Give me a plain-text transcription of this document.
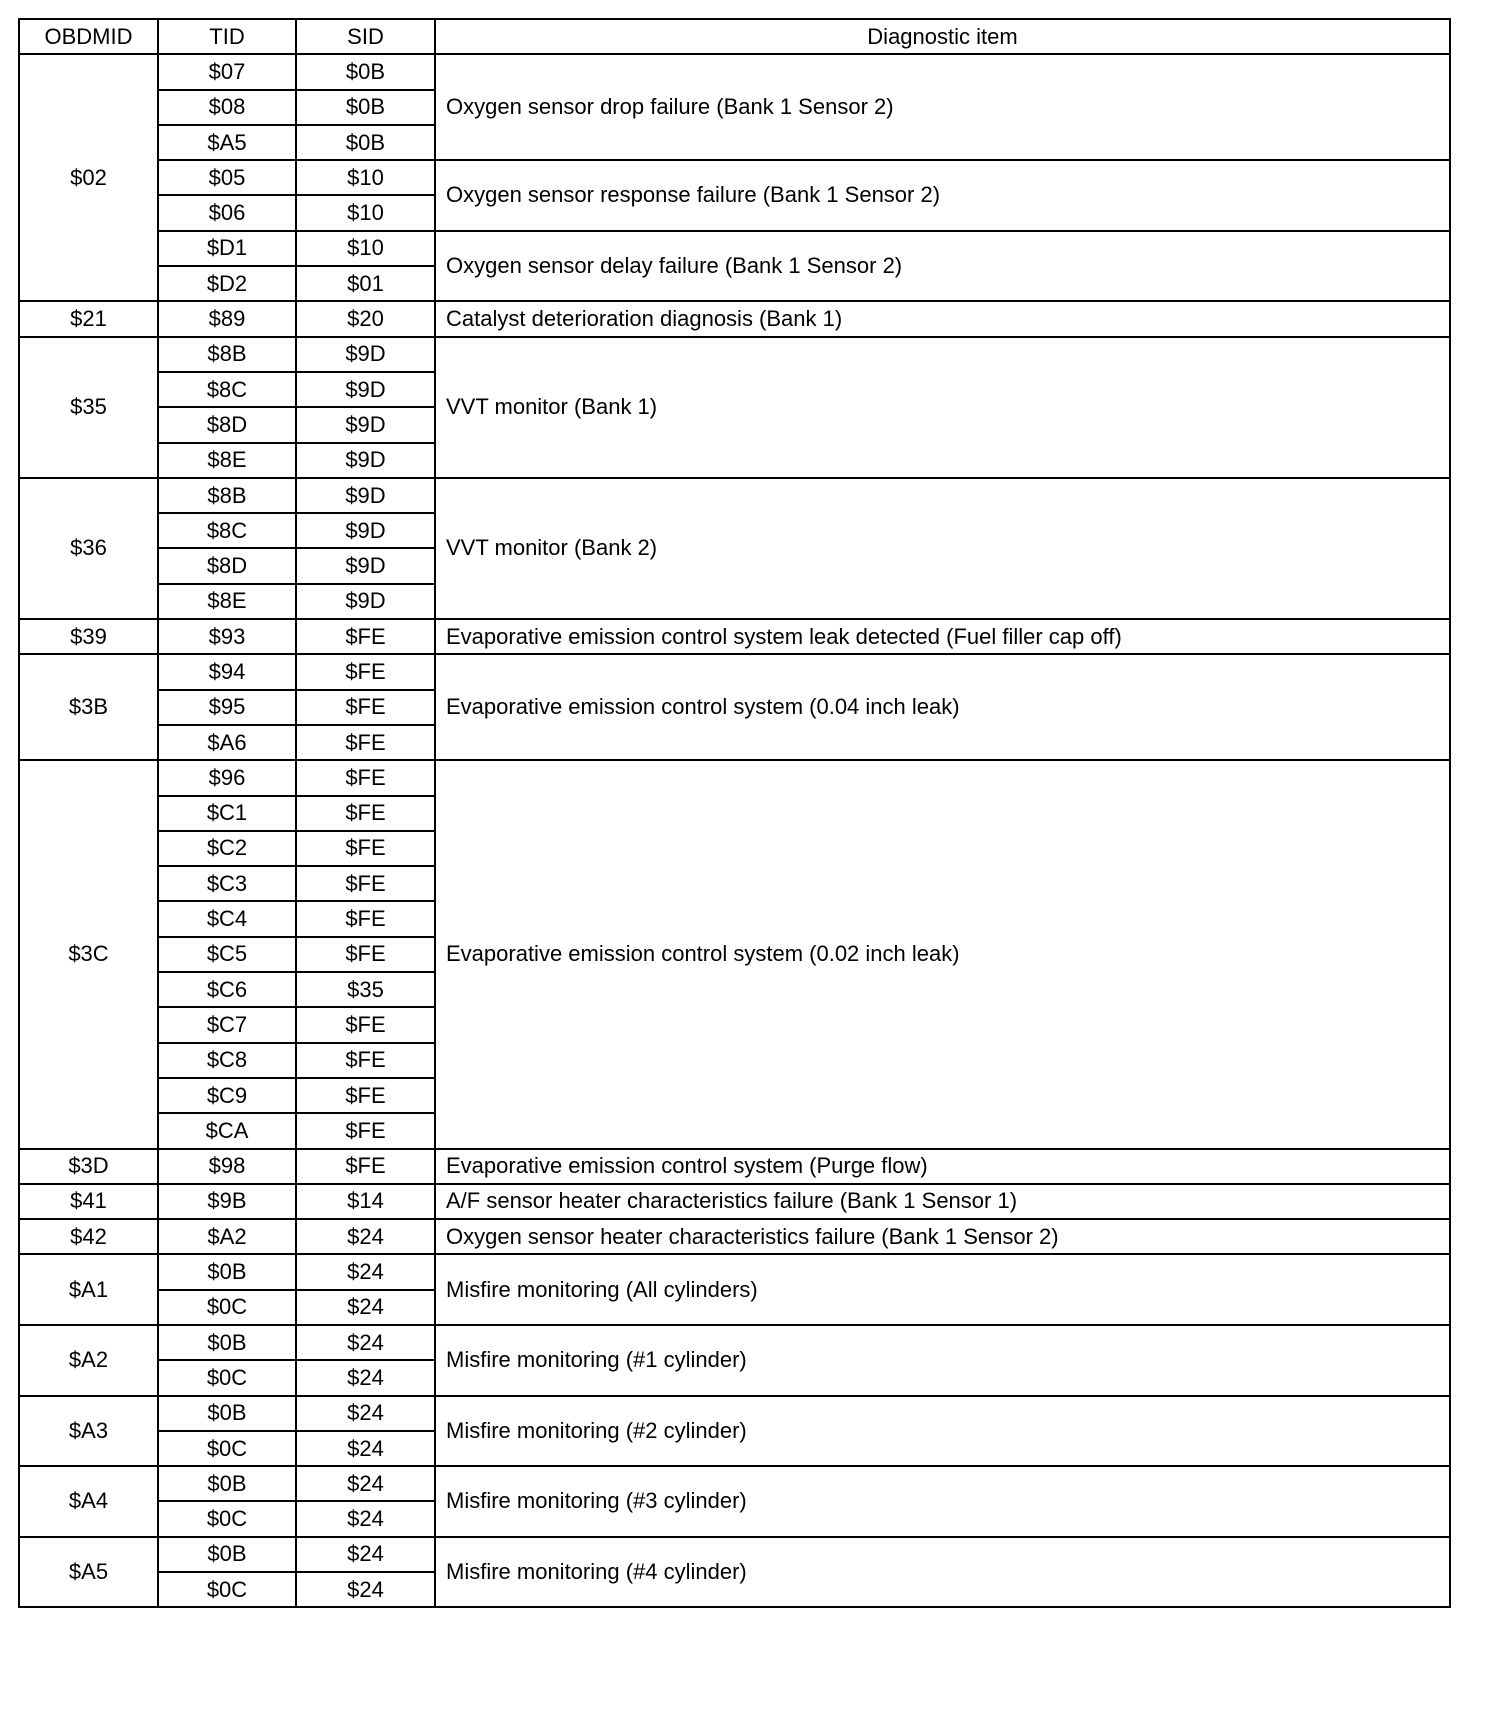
OBDMID	TID	SID	Diagnostic item
$02	$07	$0B	Oxygen sensor drop failure (Bank 1 Sensor 2)
	$08	$0B	
	$A5	$0B	
	$05	$10	Oxygen sensor response failure (Bank 1 Sensor 2)
	$06	$10	
	$D1	$10	Oxygen sensor delay failure (Bank 1 Sensor 2)
	$D2	$01	
$21	$89	$20	Catalyst deterioration diagnosis (Bank 1)
$35	$8B	$9D	VVT monitor (Bank 1)
	$8C	$9D	
	$8D	$9D	
	$8E	$9D	
$36	$8B	$9D	VVT monitor (Bank 2)
	$8C	$9D	
	$8D	$9D	
	$8E	$9D	
$39	$93	$FE	Evaporative emission control system leak detected (Fuel filler cap off)
$3B	$94	$FE	Evaporative emission control system (0.04 inch leak)
	$95	$FE	
	$A6	$FE	
$3C	$96	$FE	Evaporative emission control system (0.02 inch leak)
	$C1	$FE	
	$C2	$FE	
	$C3	$FE	
	$C4	$FE	
	$C5	$FE	
	$C6	$35	
	$C7	$FE	
	$C8	$FE	
	$C9	$FE	
	$CA	$FE	
$3D	$98	$FE	Evaporative emission control system (Purge flow)
$41	$9B	$14	A/F sensor heater characteristics failure (Bank 1 Sensor 1)
$42	$A2	$24	Oxygen sensor heater characteristics failure (Bank 1 Sensor 2)
$A1	$0B	$24	Misfire monitoring (All cylinders)
	$0C	$24	
$A2	$0B	$24	Misfire monitoring (#1 cylinder)
	$0C	$24	
$A3	$0B	$24	Misfire monitoring (#2 cylinder)
	$0C	$24	
$A4	$0B	$24	Misfire monitoring (#3 cylinder)
	$0C	$24	
$A5	$0B	$24	Misfire monitoring (#4 cylinder)
	$0C	$24	
